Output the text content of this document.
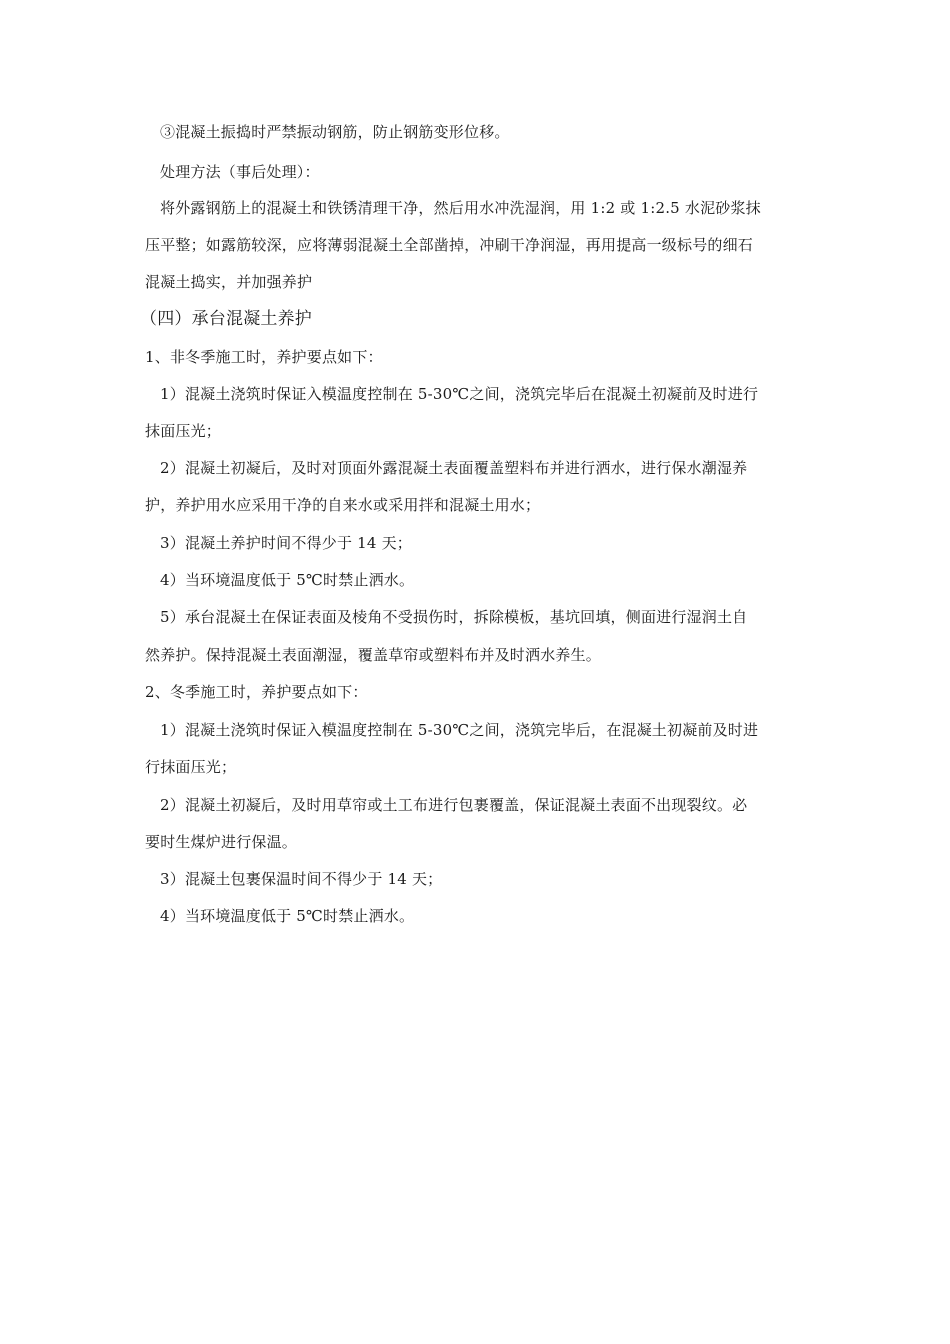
③混凝土振捣时严禁振动钢筋，防止钢筋变形位移。
处理方法（事后处理）：
将外露钢筋上的混凝土和铁锈清理干净，然后用水冲洗湿润，用 1:2 或 1:2.5 水泥砂浆抹
压平整；如露筋较深，应将薄弱混凝土全部凿掉，冲刷干净润湿，再用提高一级标号的细石
混凝土捣实，并加强养护
（四）承台混凝土养护
1、非冬季施工时，养护要点如下：
1）混凝土浇筑时保证入模温度控制在 5-30℃之间，浇筑完毕后在混凝土初凝前及时进行
抹面压光；
2）混凝土初凝后，及时对顶面外露混凝土表面覆盖塑料布并进行洒水，进行保水潮湿养
护，养护用水应采用干净的自来水或采用拌和混凝土用水；
3）混凝土养护时间不得少于 14 天；
4）当环境温度低于 5℃时禁止洒水。
5）承台混凝土在保证表面及棱角不受损伤时，拆除模板，基坑回填，侧面进行湿润土自
然养护。保持混凝土表面潮湿，覆盖草帘或塑料布并及时洒水养生。
2、冬季施工时，养护要点如下：
1）混凝土浇筑时保证入模温度控制在 5-30℃之间，浇筑完毕后，在混凝土初凝前及时进
行抹面压光；
2）混凝土初凝后，及时用草帘或土工布进行包裹覆盖，保证混凝土表面不出现裂纹。必
要时生煤炉进行保温。
3）混凝土包裹保温时间不得少于 14 天；
4）当环境温度低于 5℃时禁止洒水。
